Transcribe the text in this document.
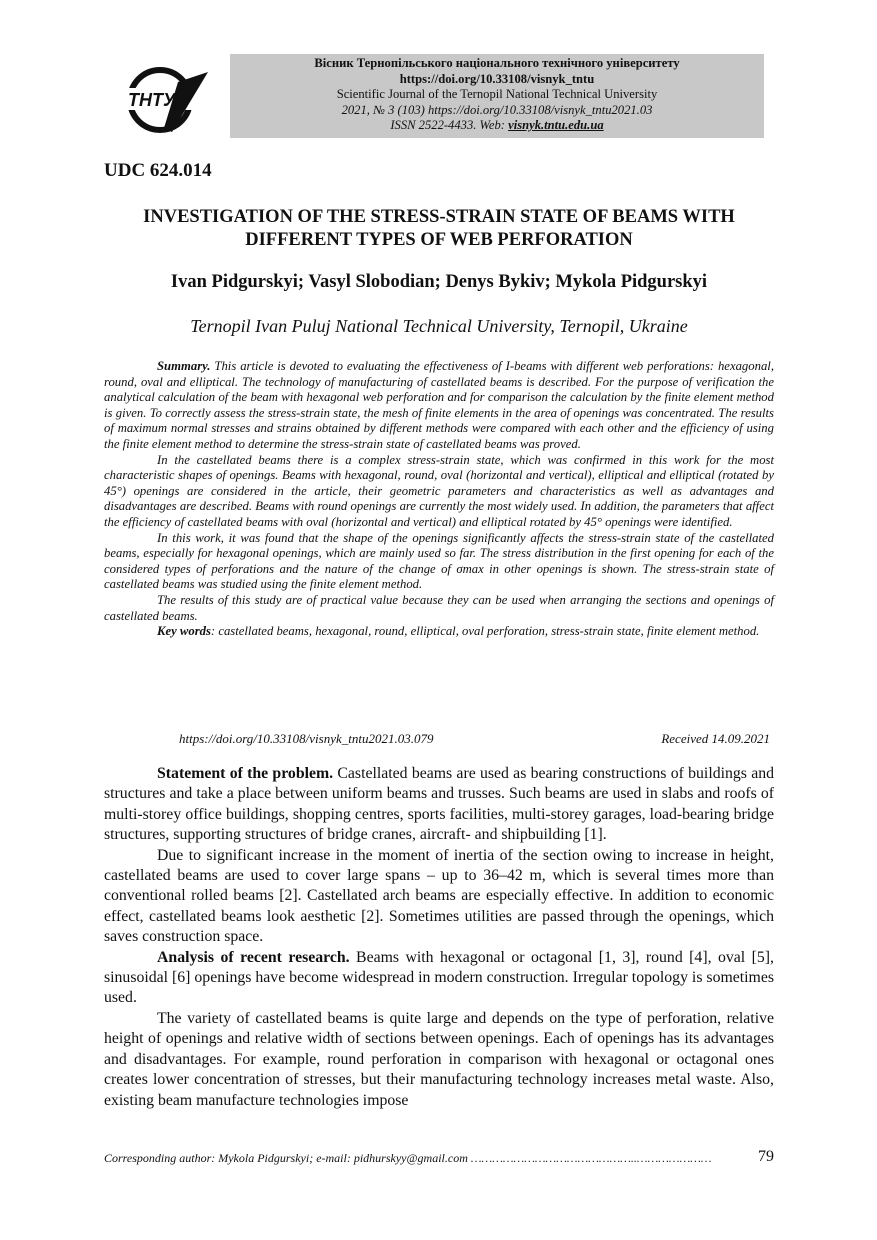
ТНТУ
Вісник Тернопільського національного технічного університету
https://doi.org/10.33108/visnyk_tntu
Scientific Journal of the Ternopil National Technical University
2021, № 3 (103) https://doi.org/10.33108/visnyk_tntu2021.03
ISSN 2522-4433. Web: visnyk.tntu.edu.ua
UDC 624.014
INVESTIGATION OF THE STRESS-STRAIN STATE OF BEAMS WITH
DIFFERENT TYPES OF WEB PERFORATION
Ivan Pidgurskyi; Vasyl Slobodian; Denys Bykiv; Mykola Pidgurskyi
Ternopil Ivan Puluj National Technical University, Ternopil, Ukraine

Summary. This article is devoted to evaluating the effectiveness of I-beams with different web perforations: hexagonal, round, oval and elliptical. The technology of manufacturing of castellated beams is described. For the purpose of verification the analytical calculation of the beam with hexagonal web perforation and for comparison the calculation by the finite element method is given. To correctly assess the stress-strain state, the mesh of finite elements in the area of openings was concentrated. The results of maximum normal stresses and strains obtained by different methods were compared with each other and the efficiency of using the finite element method to determine the stress-strain state of castellated beams was proved.

In the castellated beams there is a complex stress-strain state, which was confirmed in this work for the most characteristic shapes of openings. Beams with hexagonal, round, oval (horizontal and vertical), elliptical and elliptical (rotated by 45°) openings are considered in the article, their geometric parameters and characteristics as well as advantages and disadvantages are described. Beams with round openings are currently the most widely used. In addition, the parameters that affect the efficiency of castellated beams with oval (horizontal and vertical) and elliptical rotated by 45° openings were identified.

In this work, it was found that the shape of the openings significantly affects the stress-strain state of the castellated beams, especially for hexagonal openings, which are mainly used so far. The stress distribution in the first opening for each of the considered types of perforations and the nature of the change of σmax in other openings is shown. The stress-strain state of castellated beams was studied using the finite element method.

The results of this study are of practical value because they can be used when arranging the sections and openings of castellated beams.

Key words: castellated beams, hexagonal, round, elliptical, oval perforation, stress-strain state, finite element method.

https://doi.org/10.33108/visnyk_tntu2021.03.079	Received 14.09.2021

Statement of the problem. Castellated beams are used as bearing constructions of buildings and structures and take a place between uniform beams and trusses. Such beams are used in slabs and roofs of multi-storey office buildings, shopping centres, sports facilities, multi-storey garages, load-bearing bridge structures, supporting structures of bridge cranes, aircraft- and shipbuilding [1].

Due to significant increase in the moment of inertia of the section owing to increase in height, castellated beams are used to cover large spans – up to 36–42 m, which is several times more than conventional rolled beams [2]. Castellated arch beams are especially effective. In addition to economic effect, castellated beams look aesthetic [2]. Sometimes utilities are passed through the openings, which saves construction space.

Analysis of recent research. Beams with hexagonal or octagonal [1, 3], round [4], oval [5], sinusoidal [6] openings have become widespread in modern construction. Irregular topology is sometimes used.

The variety of castellated beams is quite large and depends on the type of perforation, relative height of openings and relative width of sections between openings. Each of openings has its advantages and disadvantages. For example, round perforation in comparison with hexagonal or octagonal ones creates lower concentration of stresses, but their manufacturing technology increases metal waste. Also, existing beam manufacture technologies impose

Corresponding author: Mykola Pidgurskyi; e-mail: pidhurskyy@gmail.com ………………………………………..…………………	79
